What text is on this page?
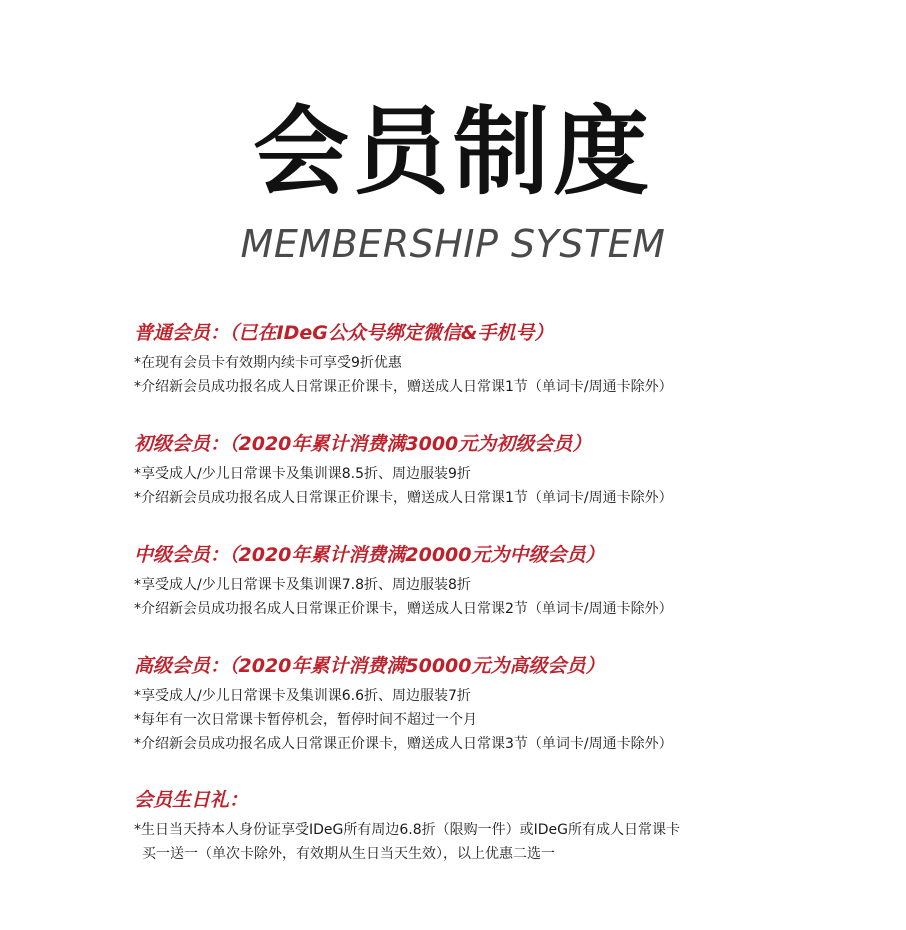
会员制度
MEMBERSHIP SYSTEM
普通会员：（已在IDeG公众号绑定微信&手机号）
*在现有会员卡有效期内续卡可享受9折优惠
*介绍新会员成功报名成人日常课正价课卡，赠送成人日常课1节（单词卡/周通卡除外）
初级会员：（2020年累计消费满3000元为初级会员）
*享受成人/少儿日常课卡及集训课8.5折、周边服装9折
*介绍新会员成功报名成人日常课正价课卡，赠送成人日常课1节（单词卡/周通卡除外）
中级会员：（2020年累计消费满20000元为中级会员）
*享受成人/少儿日常课卡及集训课7.8折、周边服装8折
*介绍新会员成功报名成人日常课正价课卡，赠送成人日常课2节（单词卡/周通卡除外）
高级会员：（2020年累计消费满50000元为高级会员）
*享受成人/少儿日常课卡及集训课6.6折、周边服装7折
*每年有一次日常课卡暂停机会，暂停时间不超过一个月
*介绍新会员成功报名成人日常课正价课卡，赠送成人日常课3节（单词卡/周通卡除外）
会员生日礼：
*生日当天持本人身份证享受IDeG所有周边6.8折（限购一件）或IDeG所有成人日常课卡
买一送一（单次卡除外，有效期从生日当天生效），以上优惠二选一
